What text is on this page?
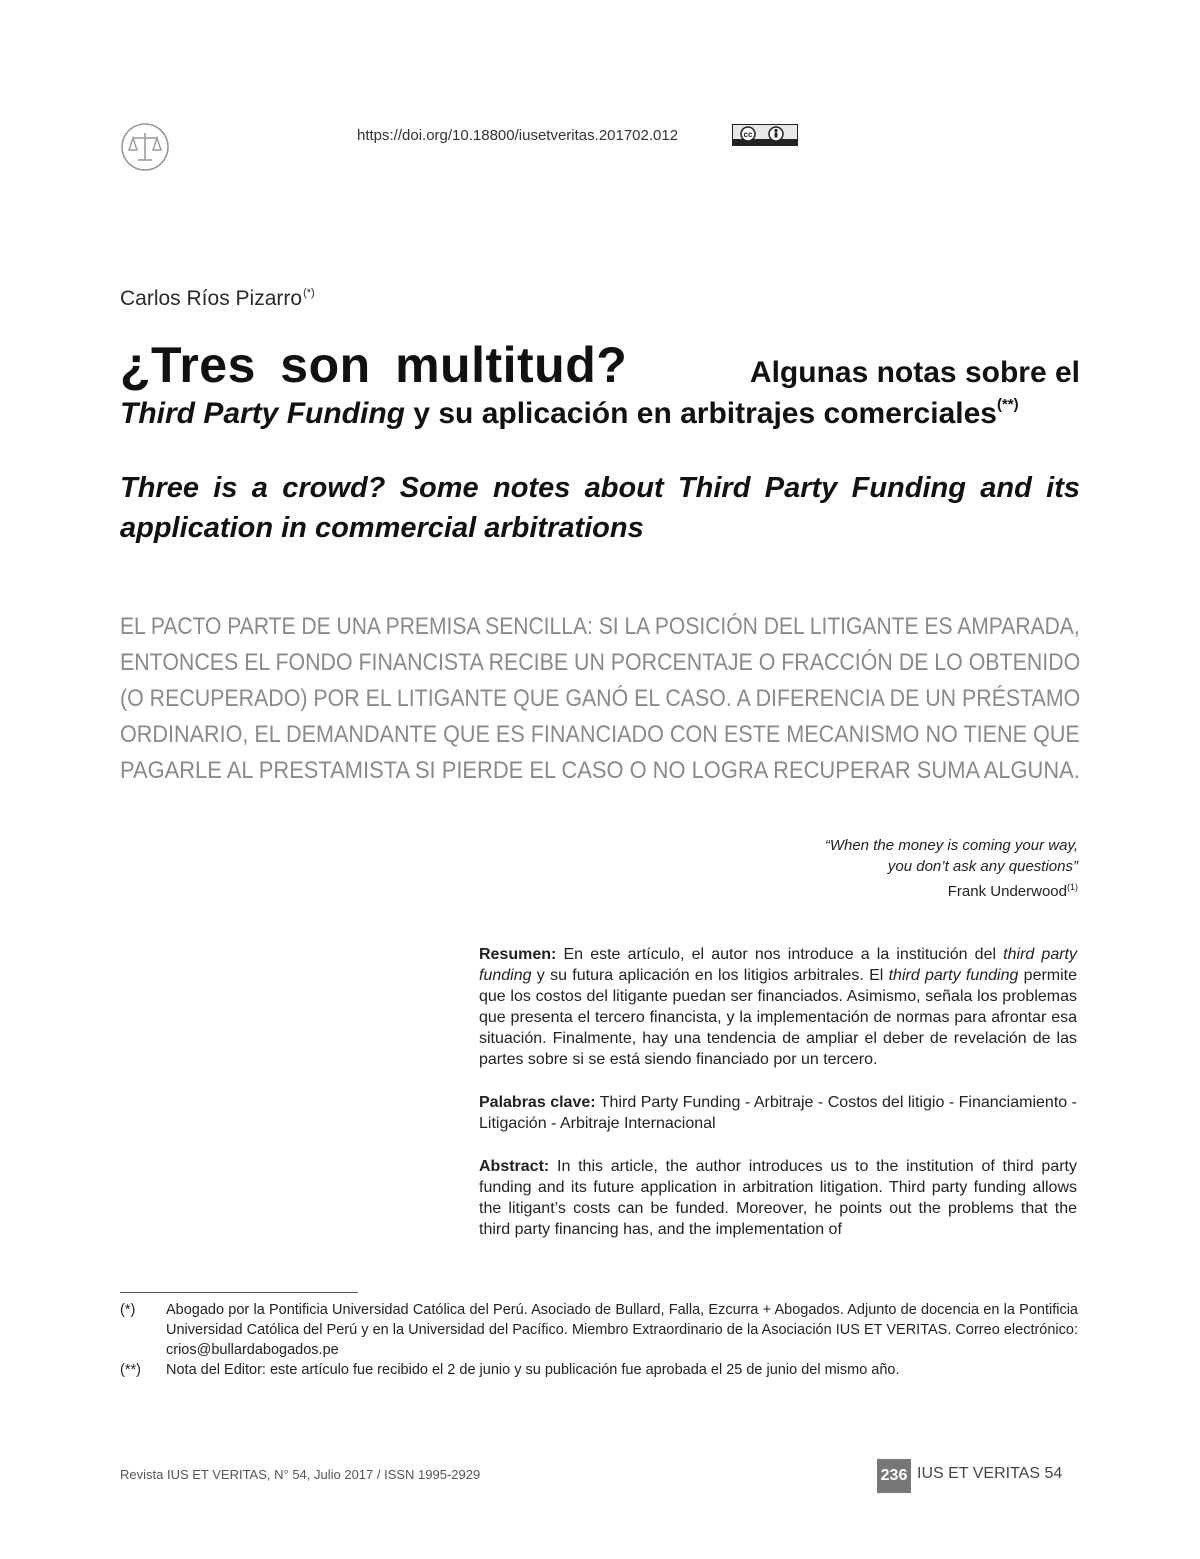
https://doi.org/10.18800/iusetveritas.201702.012	cc
Carlos Ríos Pizarro(*)
¿Tres son multitud?	Algunas notas sobre el
Third Party Funding y su aplicación en arbitrajes comerciales(**)
Three is a crowd? Some notes about Third Party Funding and its application in commercial arbitrations
EL PACTO PARTE DE UNA PREMISA SENCILLA: SI LA POSICIÓN DEL LITIGANTE ES AMPARADA,
ENTONCES EL FONDO FINANCISTA RECIBE UN PORCENTAJE O FRACCIÓN DE LO OBTENIDO
(O RECUPERADO) POR EL LITIGANTE QUE GANÓ EL CASO. A DIFERENCIA DE UN PRÉSTAMO
ORDINARIO, EL DEMANDANTE QUE ES FINANCIADO CON ESTE MECANISMO NO TIENE QUE
PAGARLE AL PRESTAMISTA SI PIERDE EL CASO O NO LOGRA RECUPERAR SUMA ALGUNA.
“When the money is coming your way,
you don’t ask any questions”
Frank Underwood$^{(1)}$

Resumen: En este artículo, el autor nos introduce a la institución del third party funding y su futura aplicación en los litigios arbitrales. El third party funding permite que los costos del litigante puedan ser financiados. Asimismo, señala los problemas que presenta el tercero financista, y la implementación de normas para afrontar esa situación. Finalmente, hay una tendencia de ampliar el deber de revelación de las partes sobre si se está siendo financiado por un tercero.

Palabras clave: Third Party Funding - Arbitraje - Costos del litigio - Financiamiento - Litigación - Arbitraje Internacional

Abstract: In this article, the author introduces us to the institution of third party funding and its future application in arbitration litigation. Third party funding allows the litigant’s costs can be funded. Moreover, he points out the problems that the third party financing has, and the implementation of

(*)	Abogado por la Pontificia Universidad Católica del Perú. Asociado de Bullard, Falla, Ezcurra + Abogados. Adjunto de docencia en la Pontificia Universidad Católica del Perú y en la Universidad del Pacífico. Miembro Extraordinario de la Asociación IUS ET VERITAS. Correo electrónico: crios@bullardabogados.pe
(**)	Nota del Editor: este artículo fue recibido el 2 de junio y su publicación fue aprobada el 25 de junio del mismo año.
Revista IUS ET VERITAS, N° 54, Julio 2017 / ISSN 1995-2929	236 IUS ET VERITAS 54
